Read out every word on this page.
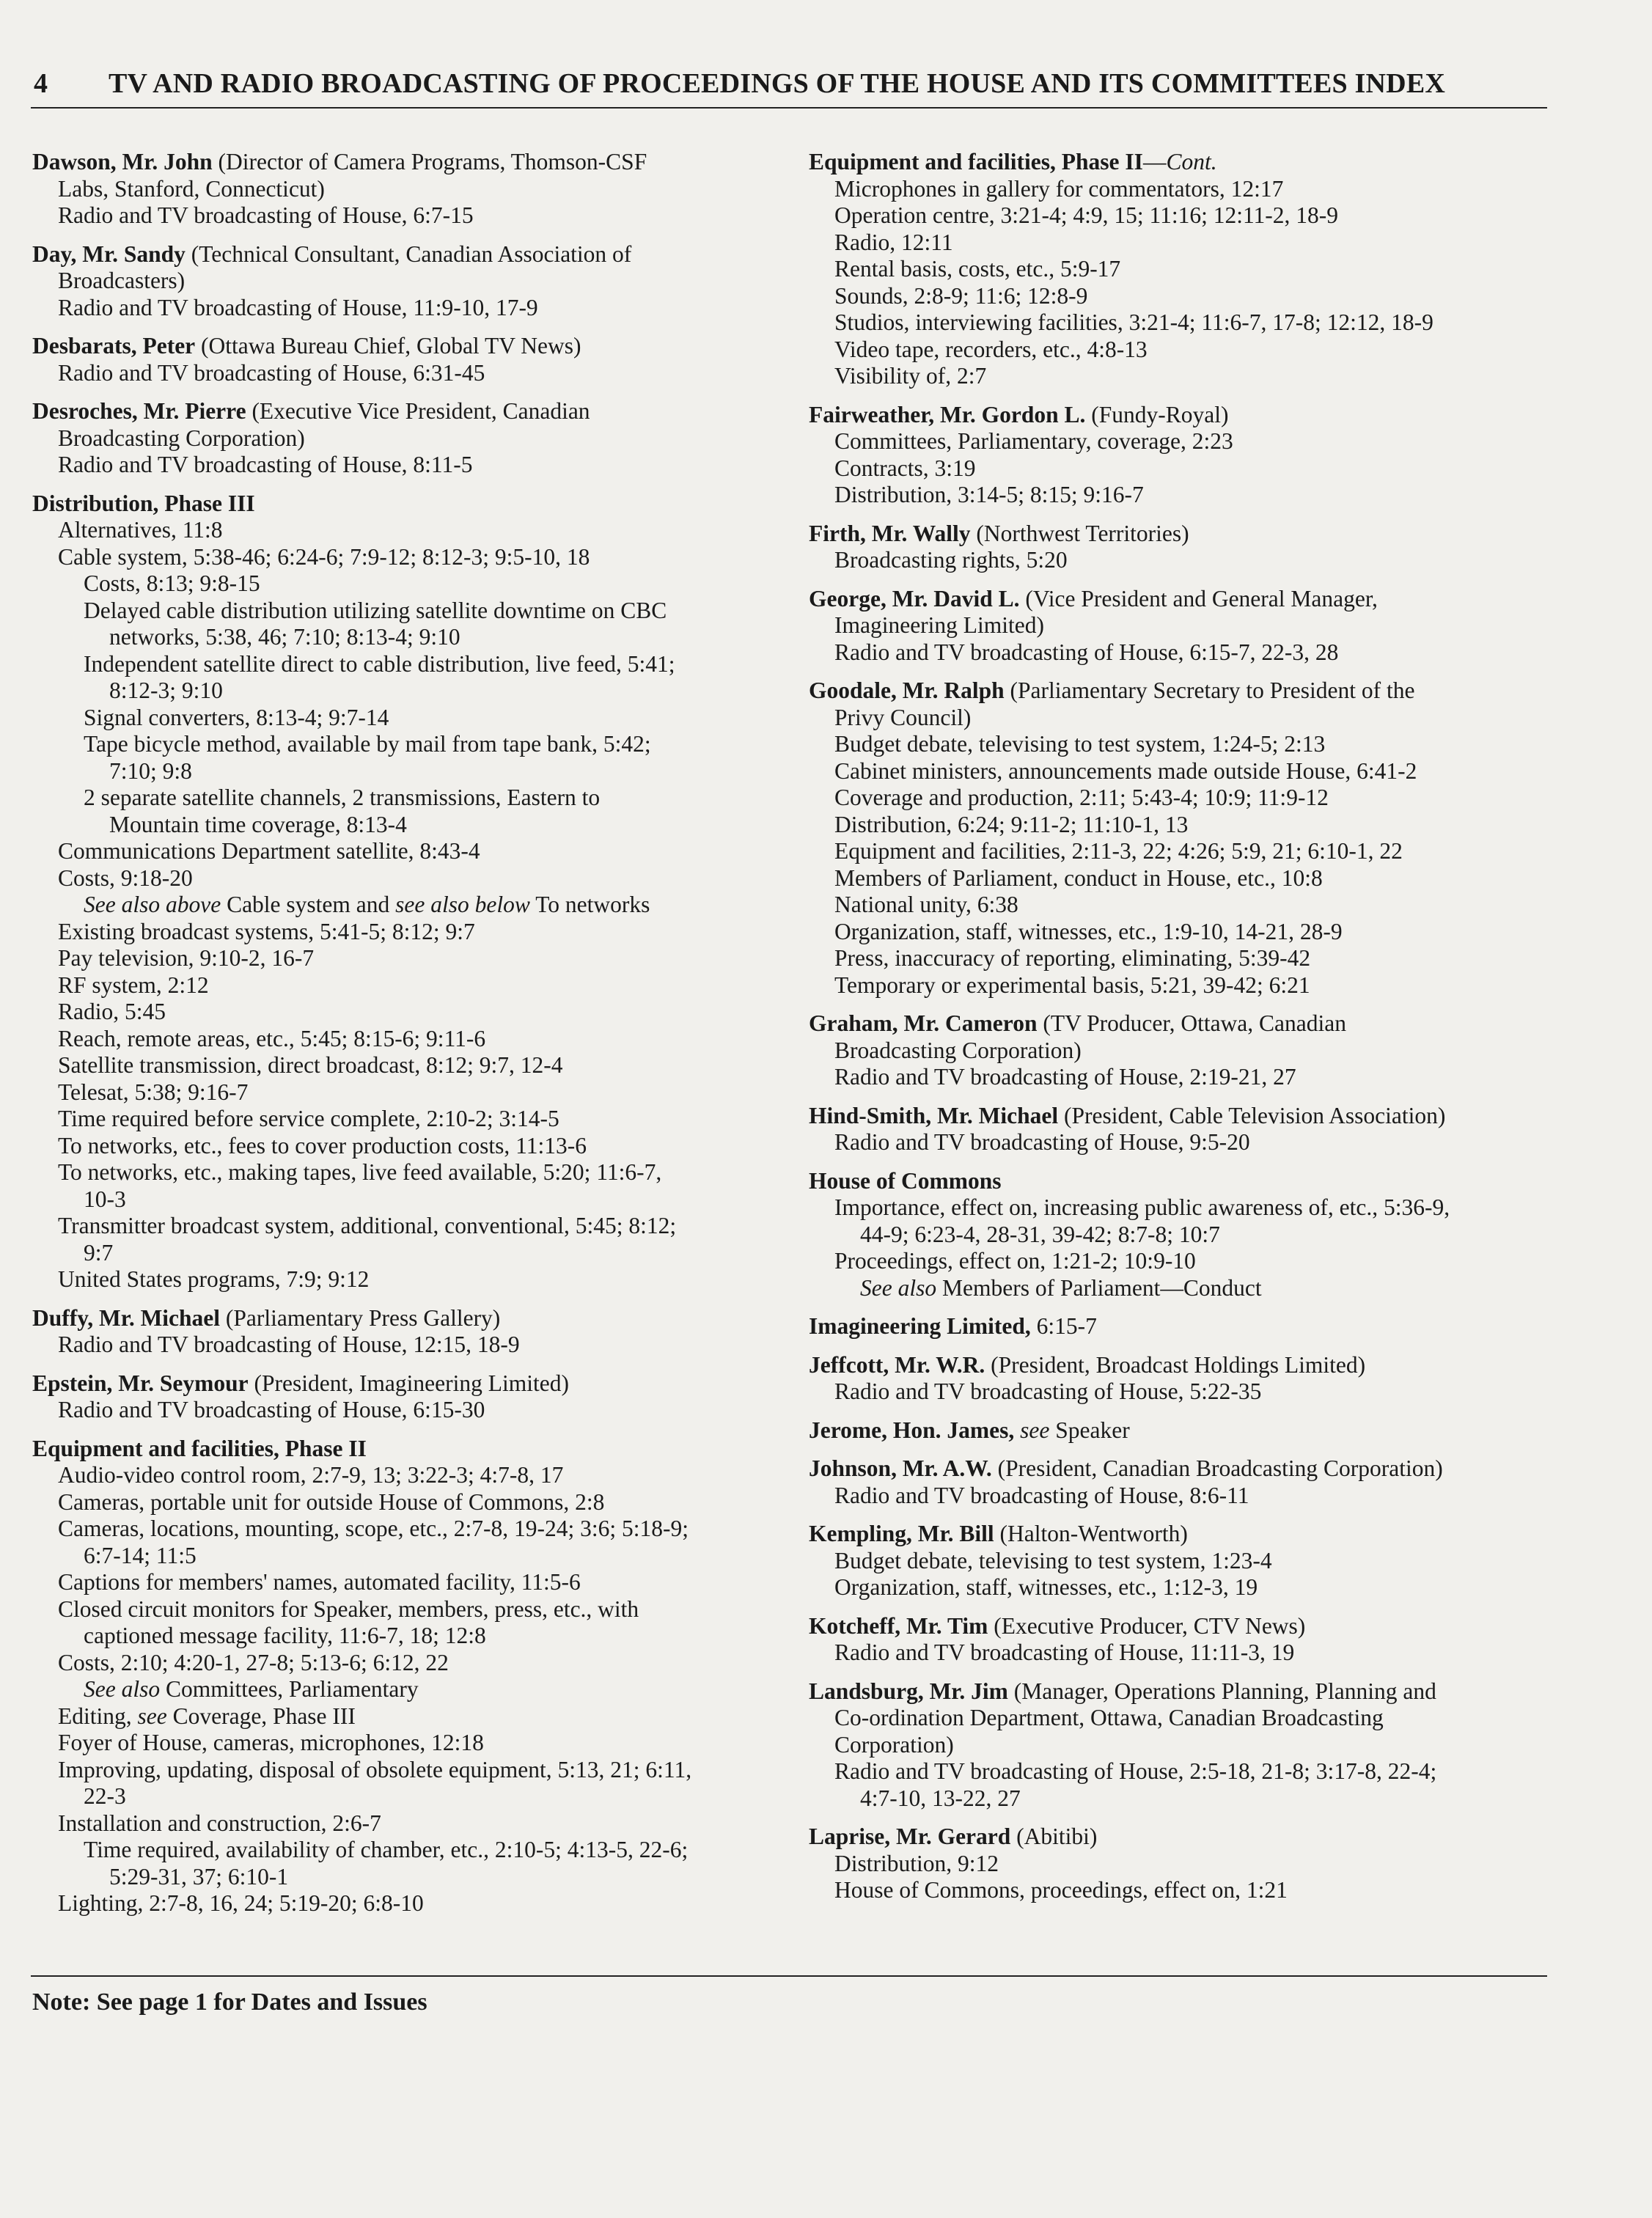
4 TV AND RADIO BROADCASTING OF PROCEEDINGS OF THE HOUSE AND ITS COMMITTEES INDEX
Dawson, Mr. John (Director of Camera Programs, Thomson-CSF
Labs, Stanford, Connecticut)
Radio and TV broadcasting of House, 6:7-15
Day, Mr. Sandy (Technical Consultant, Canadian Association of
Broadcasters)
Radio and TV broadcasting of House, 11:9-10, 17-9
Desbarats, Peter (Ottawa Bureau Chief, Global TV News)
Radio and TV broadcasting of House, 6:31-45
Desroches, Mr. Pierre (Executive Vice President, Canadian
Broadcasting Corporation)
Radio and TV broadcasting of House, 8:11-5
Distribution, Phase III
Alternatives, 11:8
Cable system, 5:38-46; 6:24-6; 7:9-12; 8:12-3; 9:5-10, 18
Costs, 8:13; 9:8-15
Delayed cable distribution utilizing satellite downtime on CBC
networks, 5:38, 46; 7:10; 8:13-4; 9:10
Independent satellite direct to cable distribution, live feed, 5:41;
8:12-3; 9:10
Signal converters, 8:13-4; 9:7-14
Tape bicycle method, available by mail from tape bank, 5:42;
7:10; 9:8
2 separate satellite channels, 2 transmissions, Eastern to
Mountain time coverage, 8:13-4
Communications Department satellite, 8:43-4
Costs, 9:18-20
See also above Cable system and see also below To networks
Existing broadcast systems, 5:41-5; 8:12; 9:7
Pay television, 9:10-2, 16-7
RF system, 2:12
Radio, 5:45
Reach, remote areas, etc., 5:45; 8:15-6; 9:11-6
Satellite transmission, direct broadcast, 8:12; 9:7, 12-4
Telesat, 5:38; 9:16-7
Time required before service complete, 2:10-2; 3:14-5
To networks, etc., fees to cover production costs, 11:13-6
To networks, etc., making tapes, live feed available, 5:20; 11:6-7,
10-3
Transmitter broadcast system, additional, conventional, 5:45; 8:12;
9:7
United States programs, 7:9; 9:12
Duffy, Mr. Michael (Parliamentary Press Gallery)
Radio and TV broadcasting of House, 12:15, 18-9
Epstein, Mr. Seymour (President, Imagineering Limited)
Radio and TV broadcasting of House, 6:15-30
Equipment and facilities, Phase II
Audio-video control room, 2:7-9, 13; 3:22-3; 4:7-8, 17
Cameras, portable unit for outside House of Commons, 2:8
Cameras, locations, mounting, scope, etc., 2:7-8, 19-24; 3:6; 5:18-9;
6:7-14; 11:5
Captions for members' names, automated facility, 11:5-6
Closed circuit monitors for Speaker, members, press, etc., with
captioned message facility, 11:6-7, 18; 12:8
Costs, 2:10; 4:20-1, 27-8; 5:13-6; 6:12, 22
See also Committees, Parliamentary
Editing, see Coverage, Phase III
Foyer of House, cameras, microphones, 12:18
Improving, updating, disposal of obsolete equipment, 5:13, 21; 6:11,
22-3
Installation and construction, 2:6-7
Time required, availability of chamber, etc., 2:10-5; 4:13-5, 22-6;
5:29-31, 37; 6:10-1
Lighting, 2:7-8, 16, 24; 5:19-20; 6:8-10
Equipment and facilities, Phase II—Cont.
Microphones in gallery for commentators, 12:17
Operation centre, 3:21-4; 4:9, 15; 11:16; 12:11-2, 18-9
Radio, 12:11
Rental basis, costs, etc., 5:9-17
Sounds, 2:8-9; 11:6; 12:8-9
Studios, interviewing facilities, 3:21-4; 11:6-7, 17-8; 12:12, 18-9
Video tape, recorders, etc., 4:8-13
Visibility of, 2:7
Fairweather, Mr. Gordon L. (Fundy-Royal)
Committees, Parliamentary, coverage, 2:23
Contracts, 3:19
Distribution, 3:14-5; 8:15; 9:16-7
Firth, Mr. Wally (Northwest Territories)
Broadcasting rights, 5:20
George, Mr. David L. (Vice President and General Manager,
Imagineering Limited)
Radio and TV broadcasting of House, 6:15-7, 22-3, 28
Goodale, Mr. Ralph (Parliamentary Secretary to President of the
Privy Council)
Budget debate, televising to test system, 1:24-5; 2:13
Cabinet ministers, announcements made outside House, 6:41-2
Coverage and production, 2:11; 5:43-4; 10:9; 11:9-12
Distribution, 6:24; 9:11-2; 11:10-1, 13
Equipment and facilities, 2:11-3, 22; 4:26; 5:9, 21; 6:10-1, 22
Members of Parliament, conduct in House, etc., 10:8
National unity, 6:38
Organization, staff, witnesses, etc., 1:9-10, 14-21, 28-9
Press, inaccuracy of reporting, eliminating, 5:39-42
Temporary or experimental basis, 5:21, 39-42; 6:21
Graham, Mr. Cameron (TV Producer, Ottawa, Canadian
Broadcasting Corporation)
Radio and TV broadcasting of House, 2:19-21, 27
Hind-Smith, Mr. Michael (President, Cable Television Association)
Radio and TV broadcasting of House, 9:5-20
House of Commons
Importance, effect on, increasing public awareness of, etc., 5:36-9,
44-9; 6:23-4, 28-31, 39-42; 8:7-8; 10:7
Proceedings, effect on, 1:21-2; 10:9-10
See also Members of Parliament—Conduct
Imagineering Limited, 6:15-7
Jeffcott, Mr. W.R. (President, Broadcast Holdings Limited)
Radio and TV broadcasting of House, 5:22-35
Jerome, Hon. James, see Speaker
Johnson, Mr. A.W. (President, Canadian Broadcasting Corporation)
Radio and TV broadcasting of House, 8:6-11
Kempling, Mr. Bill (Halton-Wentworth)
Budget debate, televising to test system, 1:23-4
Organization, staff, witnesses, etc., 1:12-3, 19
Kotcheff, Mr. Tim (Executive Producer, CTV News)
Radio and TV broadcasting of House, 11:11-3, 19
Landsburg, Mr. Jim (Manager, Operations Planning, Planning and
Co-ordination Department, Ottawa, Canadian Broadcasting
Corporation)
Radio and TV broadcasting of House, 2:5-18, 21-8; 3:17-8, 22-4;
4:7-10, 13-22, 27
Laprise, Mr. Gerard (Abitibi)
Distribution, 9:12
House of Commons, proceedings, effect on, 1:21
Note: See page 1 for Dates and Issues
